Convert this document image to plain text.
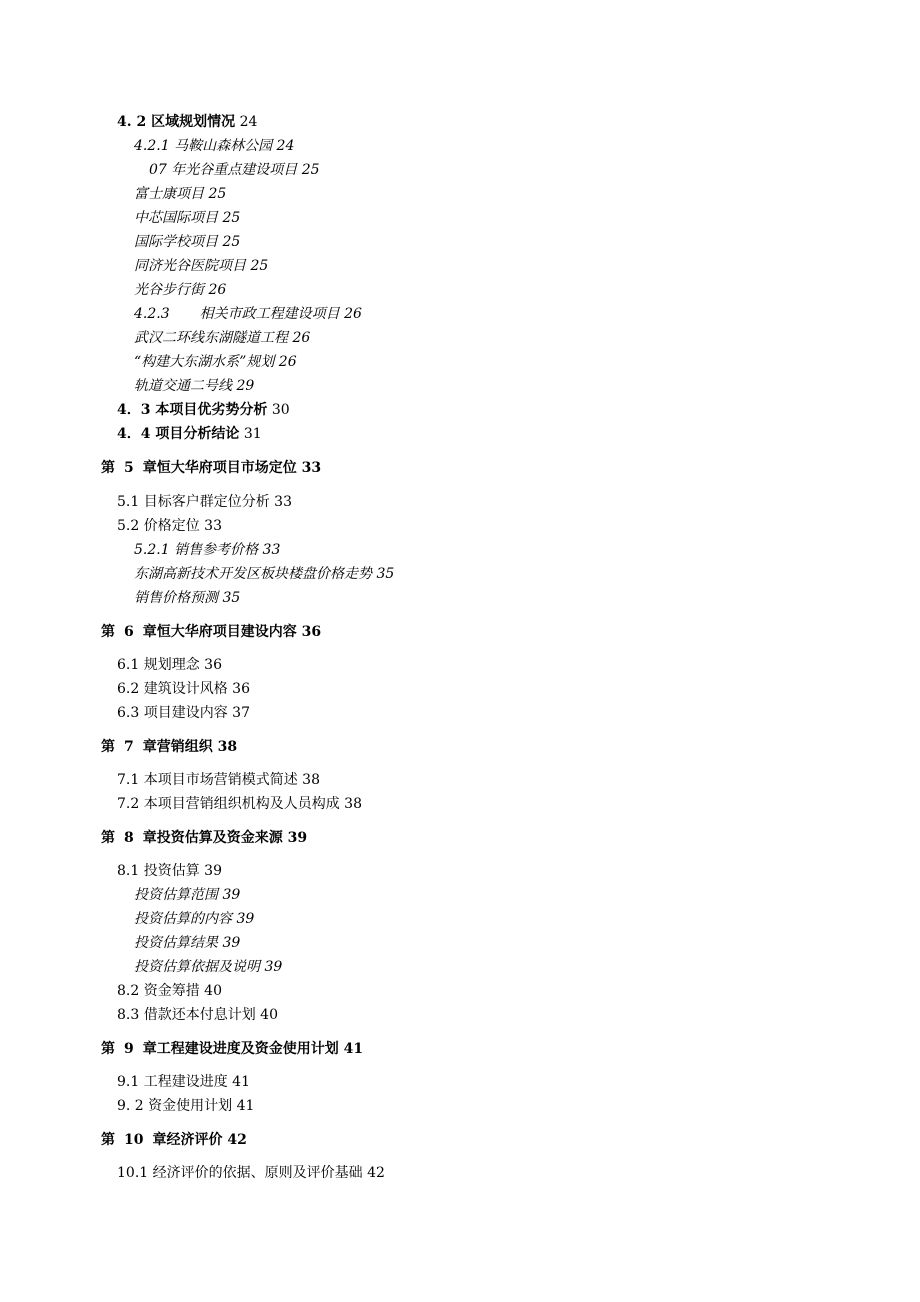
4. 2 区域规划情况 24
4.2.1 马鞍山森林公园 24
07 年光谷重点建设项目 25
富士康项目 25
中芯国际项目 25
国际学校项目 25
同济光谷医院项目 25
光谷步行街 26
4.2.3 相关市政工程建设项目 26
武汉二环线东湖隧道工程 26
“构建大东湖水系”规划 26
轨道交通二号线 29
4．3 本项目优劣势分析 30
4．4 项目分析结论 31
第 5 章恒大华府项目市场定位 33
5.1 目标客户群定位分析 33
5.2 价格定位 33
5.2.1 销售参考价格 33
东湖高新技术开发区板块楼盘价格走势 35
销售价格预测 35
第 6 章恒大华府项目建设内容 36
6.1 规划理念 36
6.2 建筑设计风格 36
6.3 项目建设内容 37
第 7 章营销组织 38
7.1 本项目市场营销模式简述 38
7.2 本项目营销组织机构及人员构成 38
第 8 章投资估算及资金来源 39
8.1 投资估算 39
投资估算范围 39
投资估算的内容 39
投资估算结果 39
投资估算依据及说明 39
8.2 资金筹措 40
8.3 借款还本付息计划 40
第 9 章工程建设进度及资金使用计划 41
9.1 工程建设进度 41
9. 2 资金使用计划 41
第 10 章经济评价 42
10.1 经济评价的依据、原则及评价基础 42
